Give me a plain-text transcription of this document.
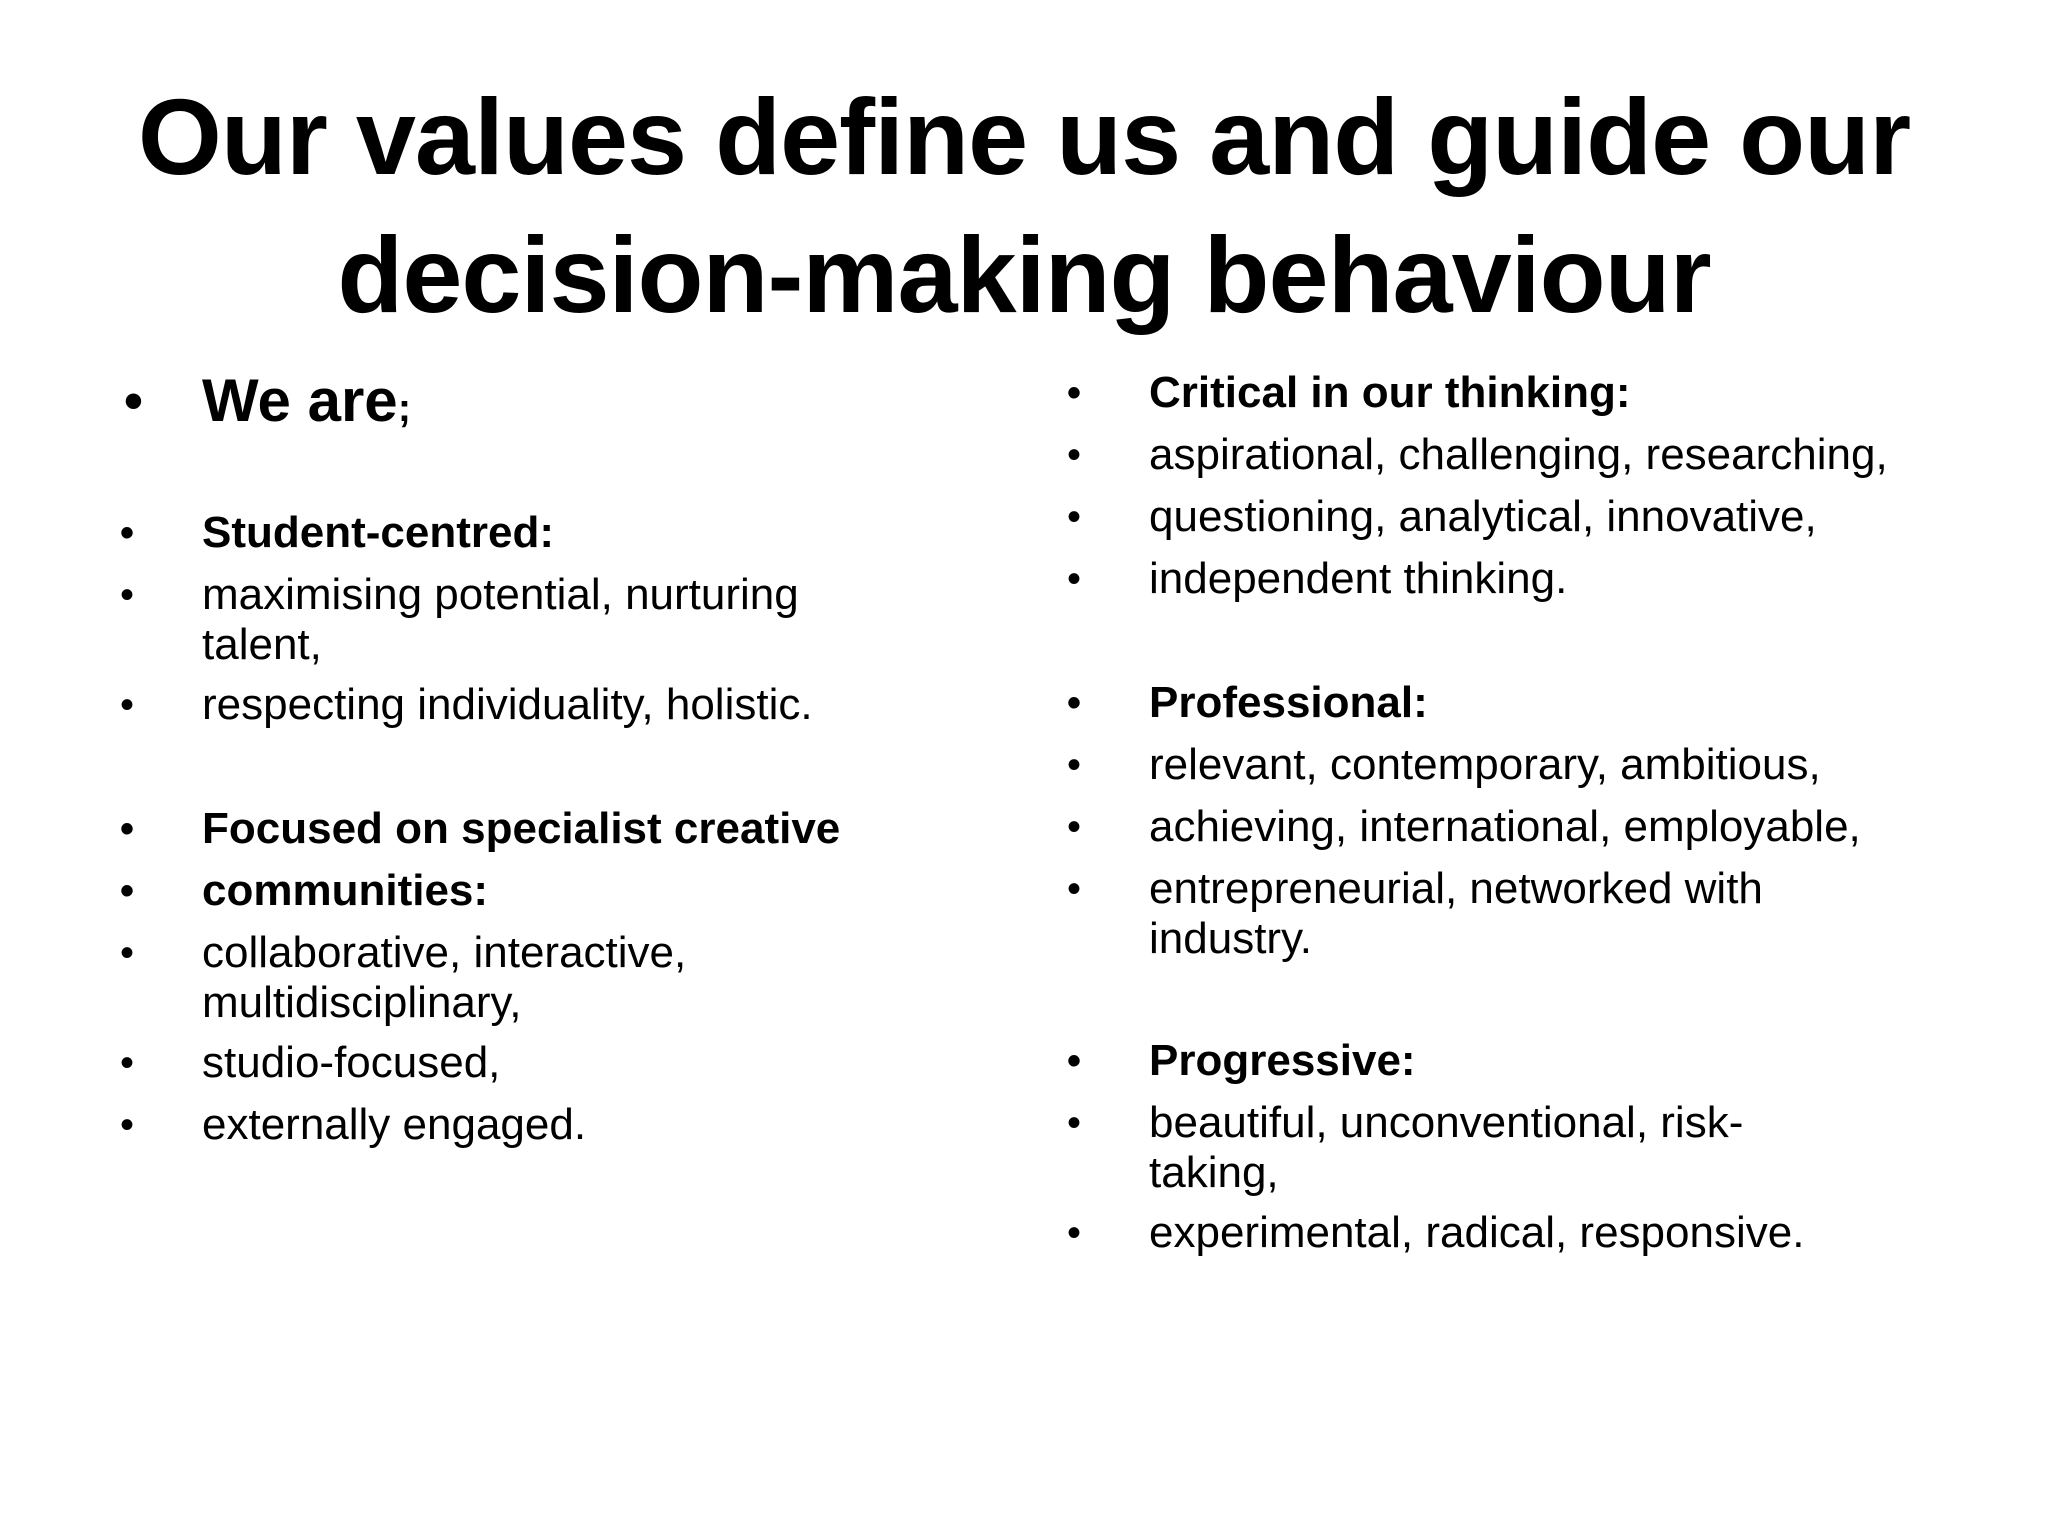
Our values define us and guide our decision-making behaviour
• We are;
•	Student-centred:
•	maximising potential, nurturing talent,
•	respecting individuality, holistic.
•	Focused on specialist creative
•	communities:
•	collaborative, interactive, multidisciplinary,
•	studio-focused,
•	externally engaged.
•	Critical in our thinking:
•	aspirational, challenging, researching,
•	questioning, analytical, innovative,
•	independent thinking.
•	Professional:
•	relevant, contemporary, ambitious,
•	achieving, international, employable,
•	entrepreneurial, networked with industry.
•	Progressive:
•	beautiful, unconventional, risk-taking,
•	experimental, radical, responsive.
